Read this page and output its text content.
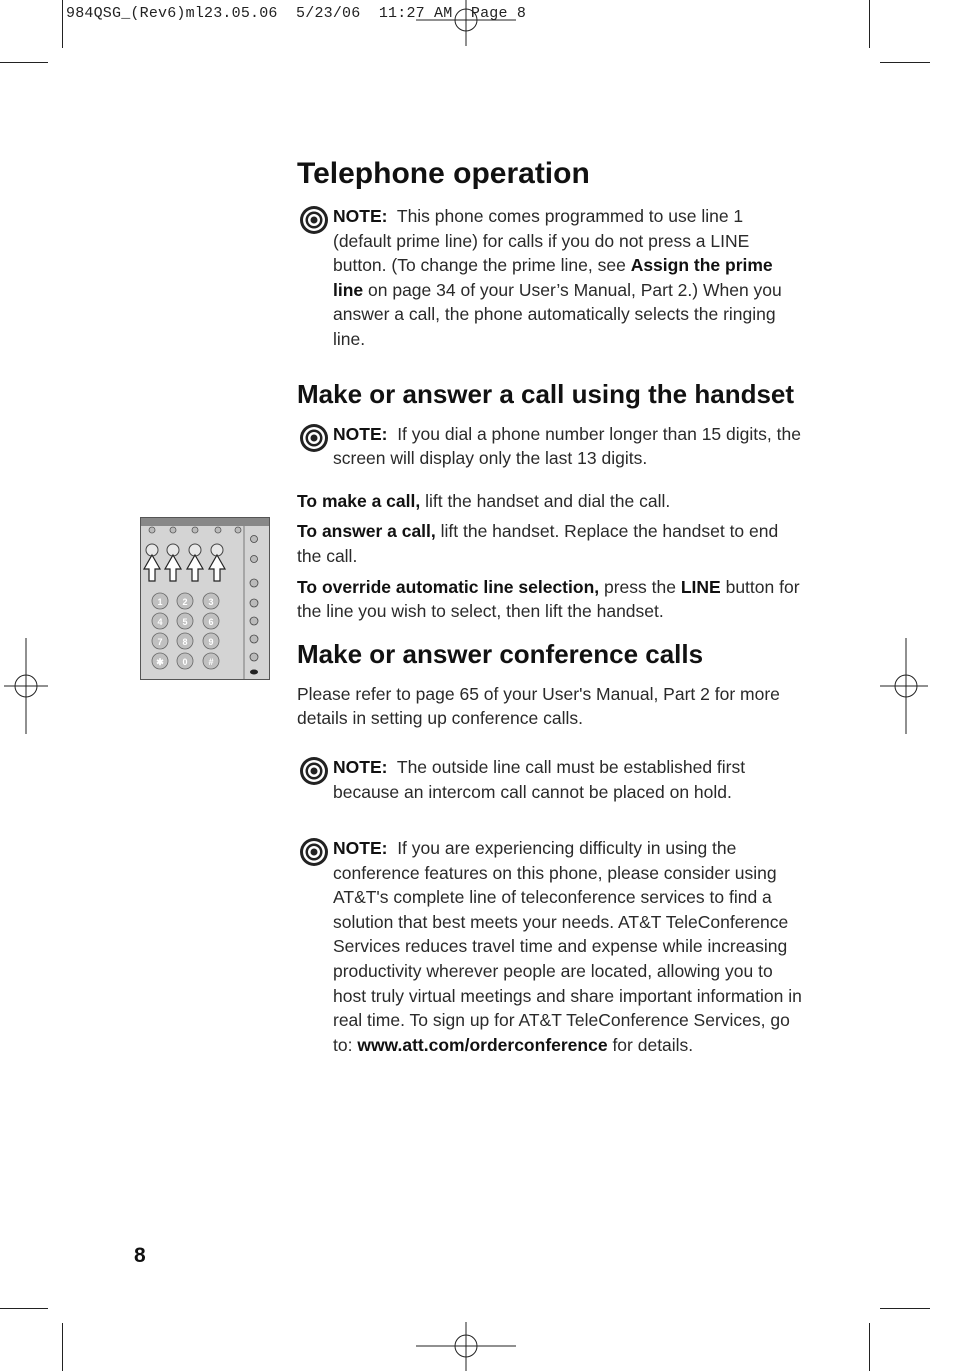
984QSG_(Rev6)ml23.05.06  5/23/06  11:27 AM  Page 8
1 2 3
4 5 6
7 8 9
✱ 0 #
Telephone operation
NOTE: This phone comes programmed to use line 1 (default prime line) for calls if you do not press a LINE button. (To change the prime line, see Assign the prime line on page 34 of your User’s Manual, Part 2.) When you answer a call, the phone automatically selects the ringing line.
Make or answer a call using the handset
NOTE: If you dial a phone number longer than 15 digits, the screen will display only the last 13 digits.
To make a call, lift the handset and dial the call.
To answer a call, lift the handset. Replace the handset to end the call.
To override automatic line selection, press the LINE button for the line you wish to select, then lift the handset.
Make or answer conference calls
Please refer to page 65 of your User's Manual, Part 2 for more details in setting up conference calls.
NOTE: The outside line call must be established first because an intercom call cannot be placed on hold.
NOTE: If you are experiencing difficulty in using the conference features on this phone, please consider using AT&T's complete line of teleconference services to find a solution that best meets your needs. AT&T TeleConference Services reduces travel time and expense while increasing productivity wherever people are located, allowing you to host truly virtual meetings and share important information in real time. To sign up for AT&T TeleConference Services, go to: www.att.com/orderconference for details.
8
